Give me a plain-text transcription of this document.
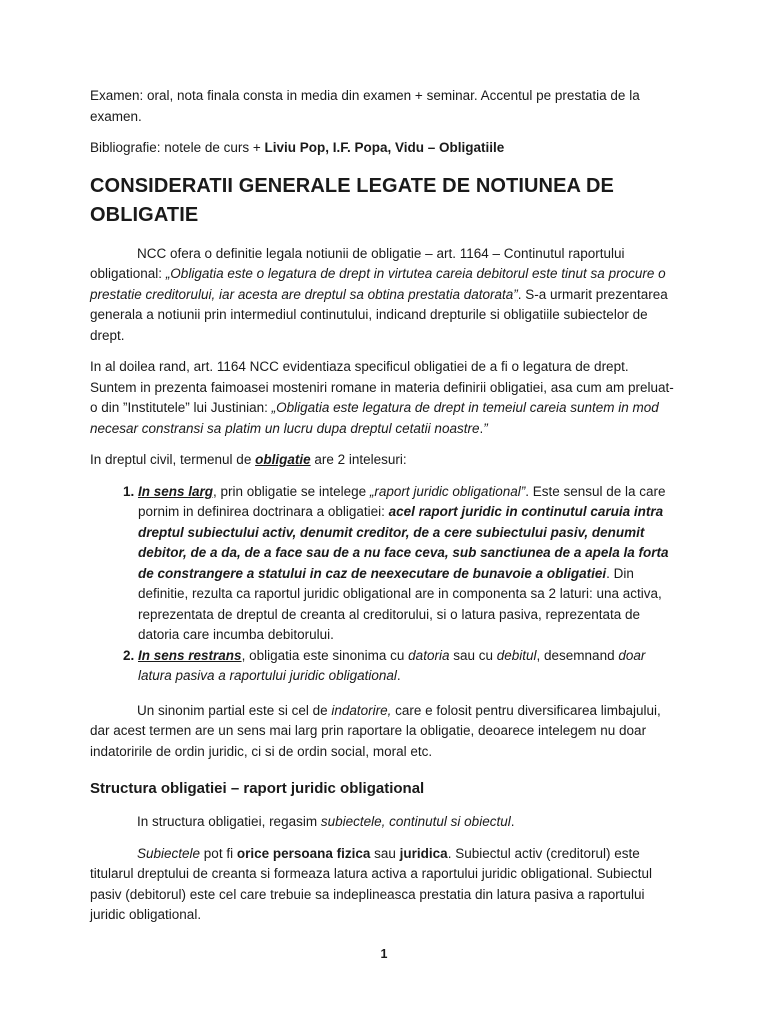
Examen: oral, nota finala consta in media din examen + seminar. Accentul pe prestatia de la examen.

Bibliografie: notele de curs + Liviu Pop, I.F. Popa, Vidu – Obligatiile

CONSIDERATII GENERALE LEGATE DE NOTIUNEA DE OBLIGATIE

NCC ofera o definitie legala notiunii de obligatie – art. 1164 – Continutul raportului obligational: „Obligatia este o legatura de drept in virtutea careia debitorul este tinut sa procure o prestatie creditorului, iar acesta are dreptul sa obtina prestatia datorata”. S-a urmarit prezentarea generala a notiunii prin intermediul continutului, indicand drepturile si obligatiile subiectelor de drept.

In al doilea rand, art. 1164 NCC evidentiaza specificul obligatiei de a fi o legatura de drept. Suntem in prezenta faimoasei mosteniri romane in materia definirii obligatiei, asa cum am preluat-o din ”Institutele” lui Justinian: „Obligatia este legatura de drept in temeiul careia suntem in mod necesar constransi sa platim un lucru dupa dreptul cetatii noastre.”

In dreptul civil, termenul de obligatie are 2 intelesuri:

1. In sens larg, prin obligatie se intelege „raport juridic obligational”. Este sensul de la care pornim in definirea doctrinara a obligatiei: acel raport juridic in continutul caruia intra dreptul subiectului activ, denumit creditor, de a cere subiectului pasiv, denumit debitor, de a da, de a face sau de a nu face ceva, sub sanctiunea de a apela la forta de constrangere a statului in caz de neexecutare de bunavoie a obligatiei. Din definitie, rezulta ca raportul juridic obligational are in componenta sa 2 laturi: una activa, reprezentata de dreptul de creanta al creditorului, si o latura pasiva, reprezentata de datoria care incumba debitorului.
2. In sens restrans, obligatia este sinonima cu datoria sau cu debitul, desemnand doar latura pasiva a raportului juridic obligational.

Un sinonim partial este si cel de indatorire, care e folosit pentru diversificarea limbajului, dar acest termen are un sens mai larg prin raportare la obligatie, deoarece intelegem nu doar indatoririle de ordin juridic, ci si de ordin social, moral etc.

Structura obligatiei – raport juridic obligational

In structura obligatiei, regasim subiectele, continutul si obiectul.

Subiectele pot fi orice persoana fizica sau juridica. Subiectul activ (creditorul) este titularul dreptului de creanta si formeaza latura activa a raportului juridic obligational. Subiectul pasiv (debitorul) este cel care trebuie sa indeplineasca prestatia din latura pasiva a raportului juridic obligational.

1
